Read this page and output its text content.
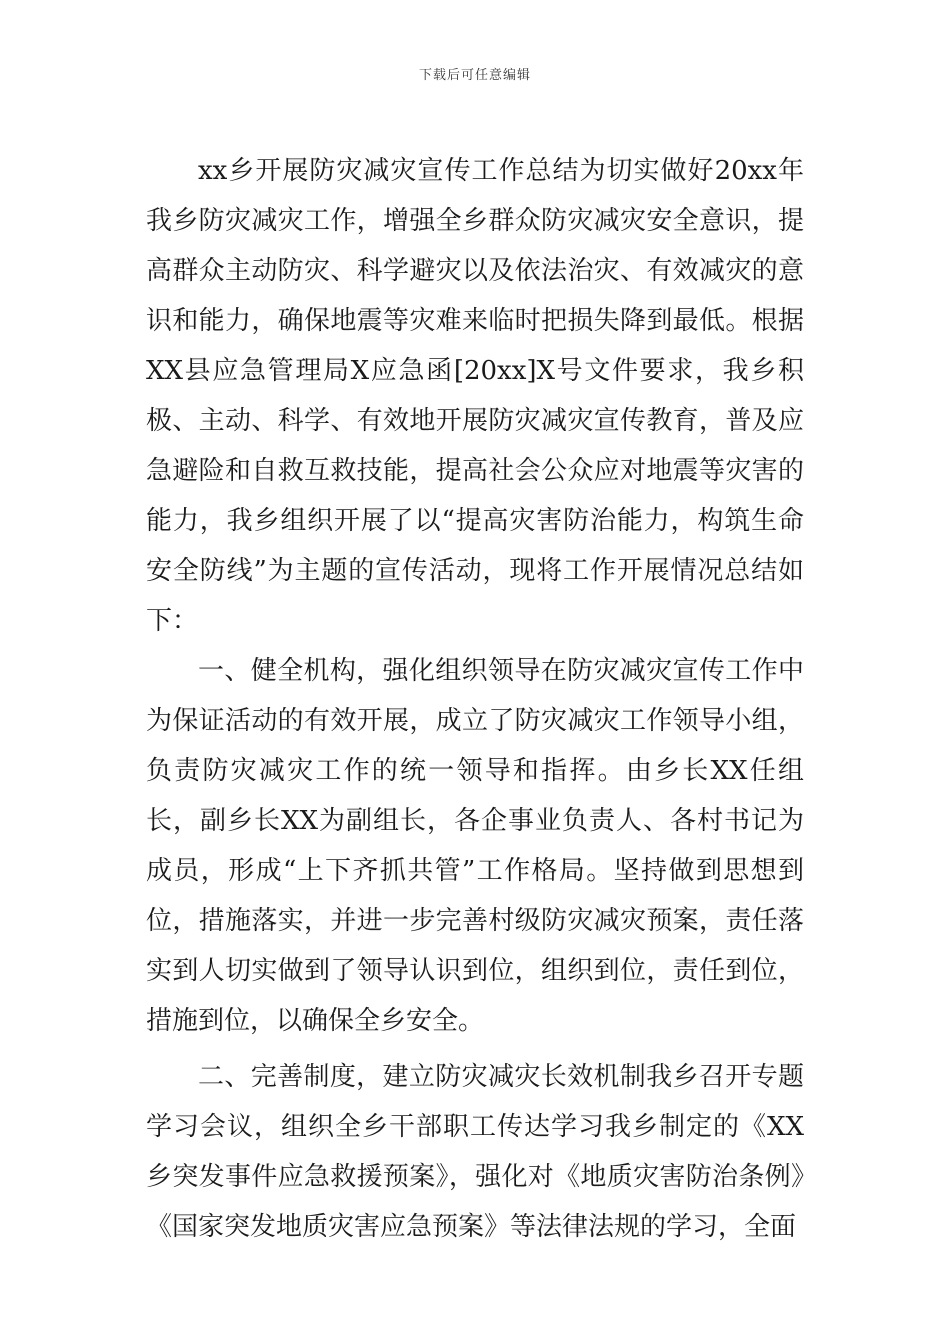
下载后可任意编辑

xx乡开展防灾减灾宣传工作总结为切实做好20xx年我乡防灾减灾工作，增强全乡群众防灾减灾安全意识，提高群众主动防灾、科学避灾以及依法治灾、有效减灾的意识和能力，确保地震等灾难来临时把损失降到最低。根据XX县应急管理局X应急函[20xx]X号文件要求，我乡积极、主动、科学、有效地开展防灾减灾宣传教育，普及应急避险和自救互救技能，提高社会公众应对地震等灾害的能力，我乡组织开展了以“提高灾害防治能力，构筑生命安全防线”为主题的宣传活动，现将工作开展情况总结如下：

一、健全机构，强化组织领导在防灾减灾宣传工作中为保证活动的有效开展，成立了防灾减灾工作领导小组，负责防灾减灾工作的统一领导和指挥。由乡长XX任组长，副乡长XX为副组长，各企事业负责人、各村书记为成员，形成“上下齐抓共管”工作格局。坚持做到思想到位，措施落实，并进一步完善村级防灾减灾预案，责任落实到人切实做到了领导认识到位，组织到位，责任到位，措施到位，以确保全乡安全。

二、完善制度，建立防灾减灾长效机制我乡召开专题学习会议，组织全乡干部职工传达学习我乡制定的《XX乡突发事件应急救援预案》，强化对《地质灾害防治条例》《国家突发地质灾害应急预案》等法律法规的学习，全面
